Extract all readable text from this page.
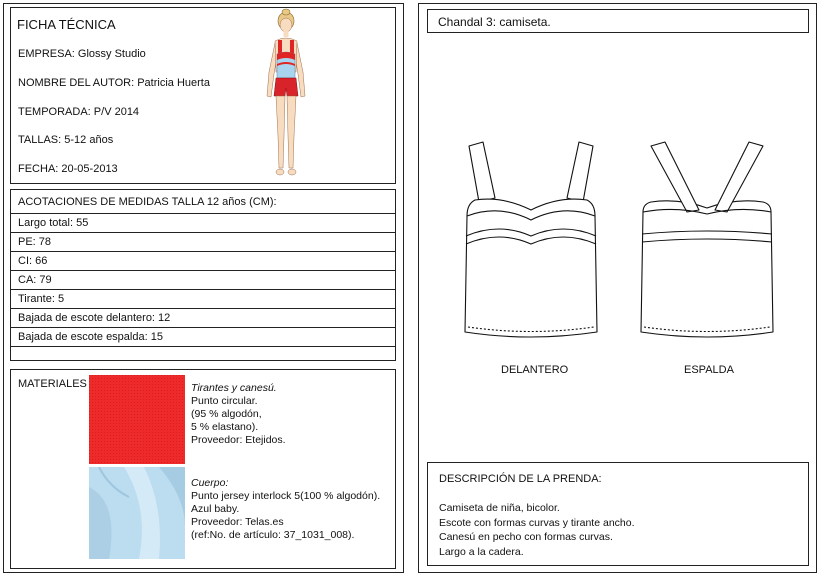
FICHA TÉCNICA
EMPRESA: Glossy Studio
NOMBRE DEL AUTOR: Patricia Huerta
TEMPORADA: P/V 2014
TALLAS: 5-12 años
FECHA: 20-05-2013
ACOTACIONES DE MEDIDAS TALLA 12 años (CM):
Largo total: 55
PE: 78
CI: 66
CA: 79
Tirante: 5
Bajada de escote delantero: 12
Bajada de escote espalda: 15
MATERIALES	Tirantes y canesú.
Punto circular.
(95 % algodón,
5 % elastano).
Proveedor: Etejidos.
Cuerpo:
Punto jersey interlock 5(100 % algodón).
Azul baby.
Proveedor: Telas.es
(ref:No. de artículo: 37_1031_008).
Chandal 3: camiseta.
DELANTERO	ESPALDA
DESCRIPCIÓN DE LA PRENDA:
Camiseta de niña, bicolor.
Escote con formas curvas y tirante ancho.
Canesú en pecho con formas curvas.
Largo a la cadera.
